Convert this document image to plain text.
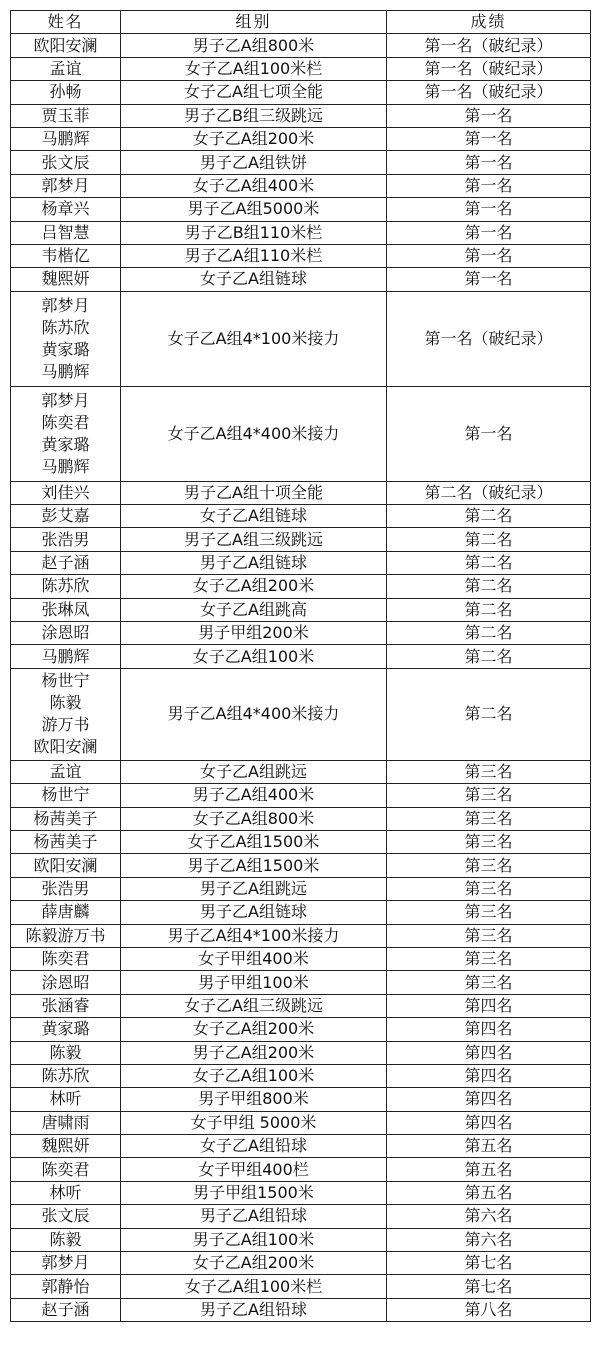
姓名	组别	成绩

欧阳安澜	男子乙A组800米	第一名（破纪录）

孟谊	女子乙A组100米栏	第一名（破纪录）

孙畅	女子乙A组七项全能	第一名（破纪录）

贾玉菲	男子乙B组三级跳远	第一名

马鹏辉	女子乙A组200米	第一名

张文辰	男子乙A组铁饼	第一名

郭梦月	女子乙A组400米	第一名

杨章兴	男子乙A组5000米	第一名

吕智慧	男子乙B组110米栏	第一名

韦楷亿	男子乙A组110米栏	第一名

魏熙妍	女子乙A组链球	第一名

郭梦月
陈苏欣
黄家璐
马鹏辉	女子乙A组4*100米接力	第一名（破纪录）

郭梦月
陈奕君
黄家璐
马鹏辉	女子乙A组4*400米接力	第一名

刘佳兴	男子乙A组十项全能	第二名（破纪录）

彭艾嘉	女子乙A组链球	第二名

张浩男	男子乙A组三级跳远	第二名

赵子涵	男子乙A组链球	第二名

陈苏欣	女子乙A组200米	第二名

张琳凤	女子乙A组跳高	第二名

涂恩昭	男子甲组200米	第二名

马鹏辉	女子乙A组100米	第二名

杨世宁
陈毅
游万书
欧阳安澜	男子乙A组4*400米接力	第二名

孟谊	女子乙A组跳远	第三名

杨世宁	男子乙A组400米	第三名

杨茜美子	女子乙A组800米	第三名

杨茜美子	女子乙A组1500米	第三名

欧阳安澜	男子乙A组1500米	第三名

张浩男	男子乙A组跳远	第三名

薛唐麟	男子乙A组链球	第三名

陈毅游万书	男子乙A组4*100米接力	第三名

陈奕君	女子甲组400米	第三名

涂恩昭	男子甲组100米	第三名

张涵睿	女子乙A组三级跳远	第四名

黄家璐	女子乙A组200米	第四名

陈毅	男子乙A组200米	第四名

陈苏欣	女子乙A组100米	第四名

林听	男子甲组800米	第四名

唐啸雨	女子甲组 5000米	第四名

魏熙妍	女子乙A组铅球	第五名

陈奕君	女子甲组400栏	第五名

林听	男子甲组1500米	第五名

张文辰	男子乙A组铅球	第六名

陈毅	男子乙A组100米	第六名

郭梦月	女子乙A组200米	第七名

郭静怡	女子乙A组100米栏	第七名

赵子涵	男子乙A组铅球	第八名
